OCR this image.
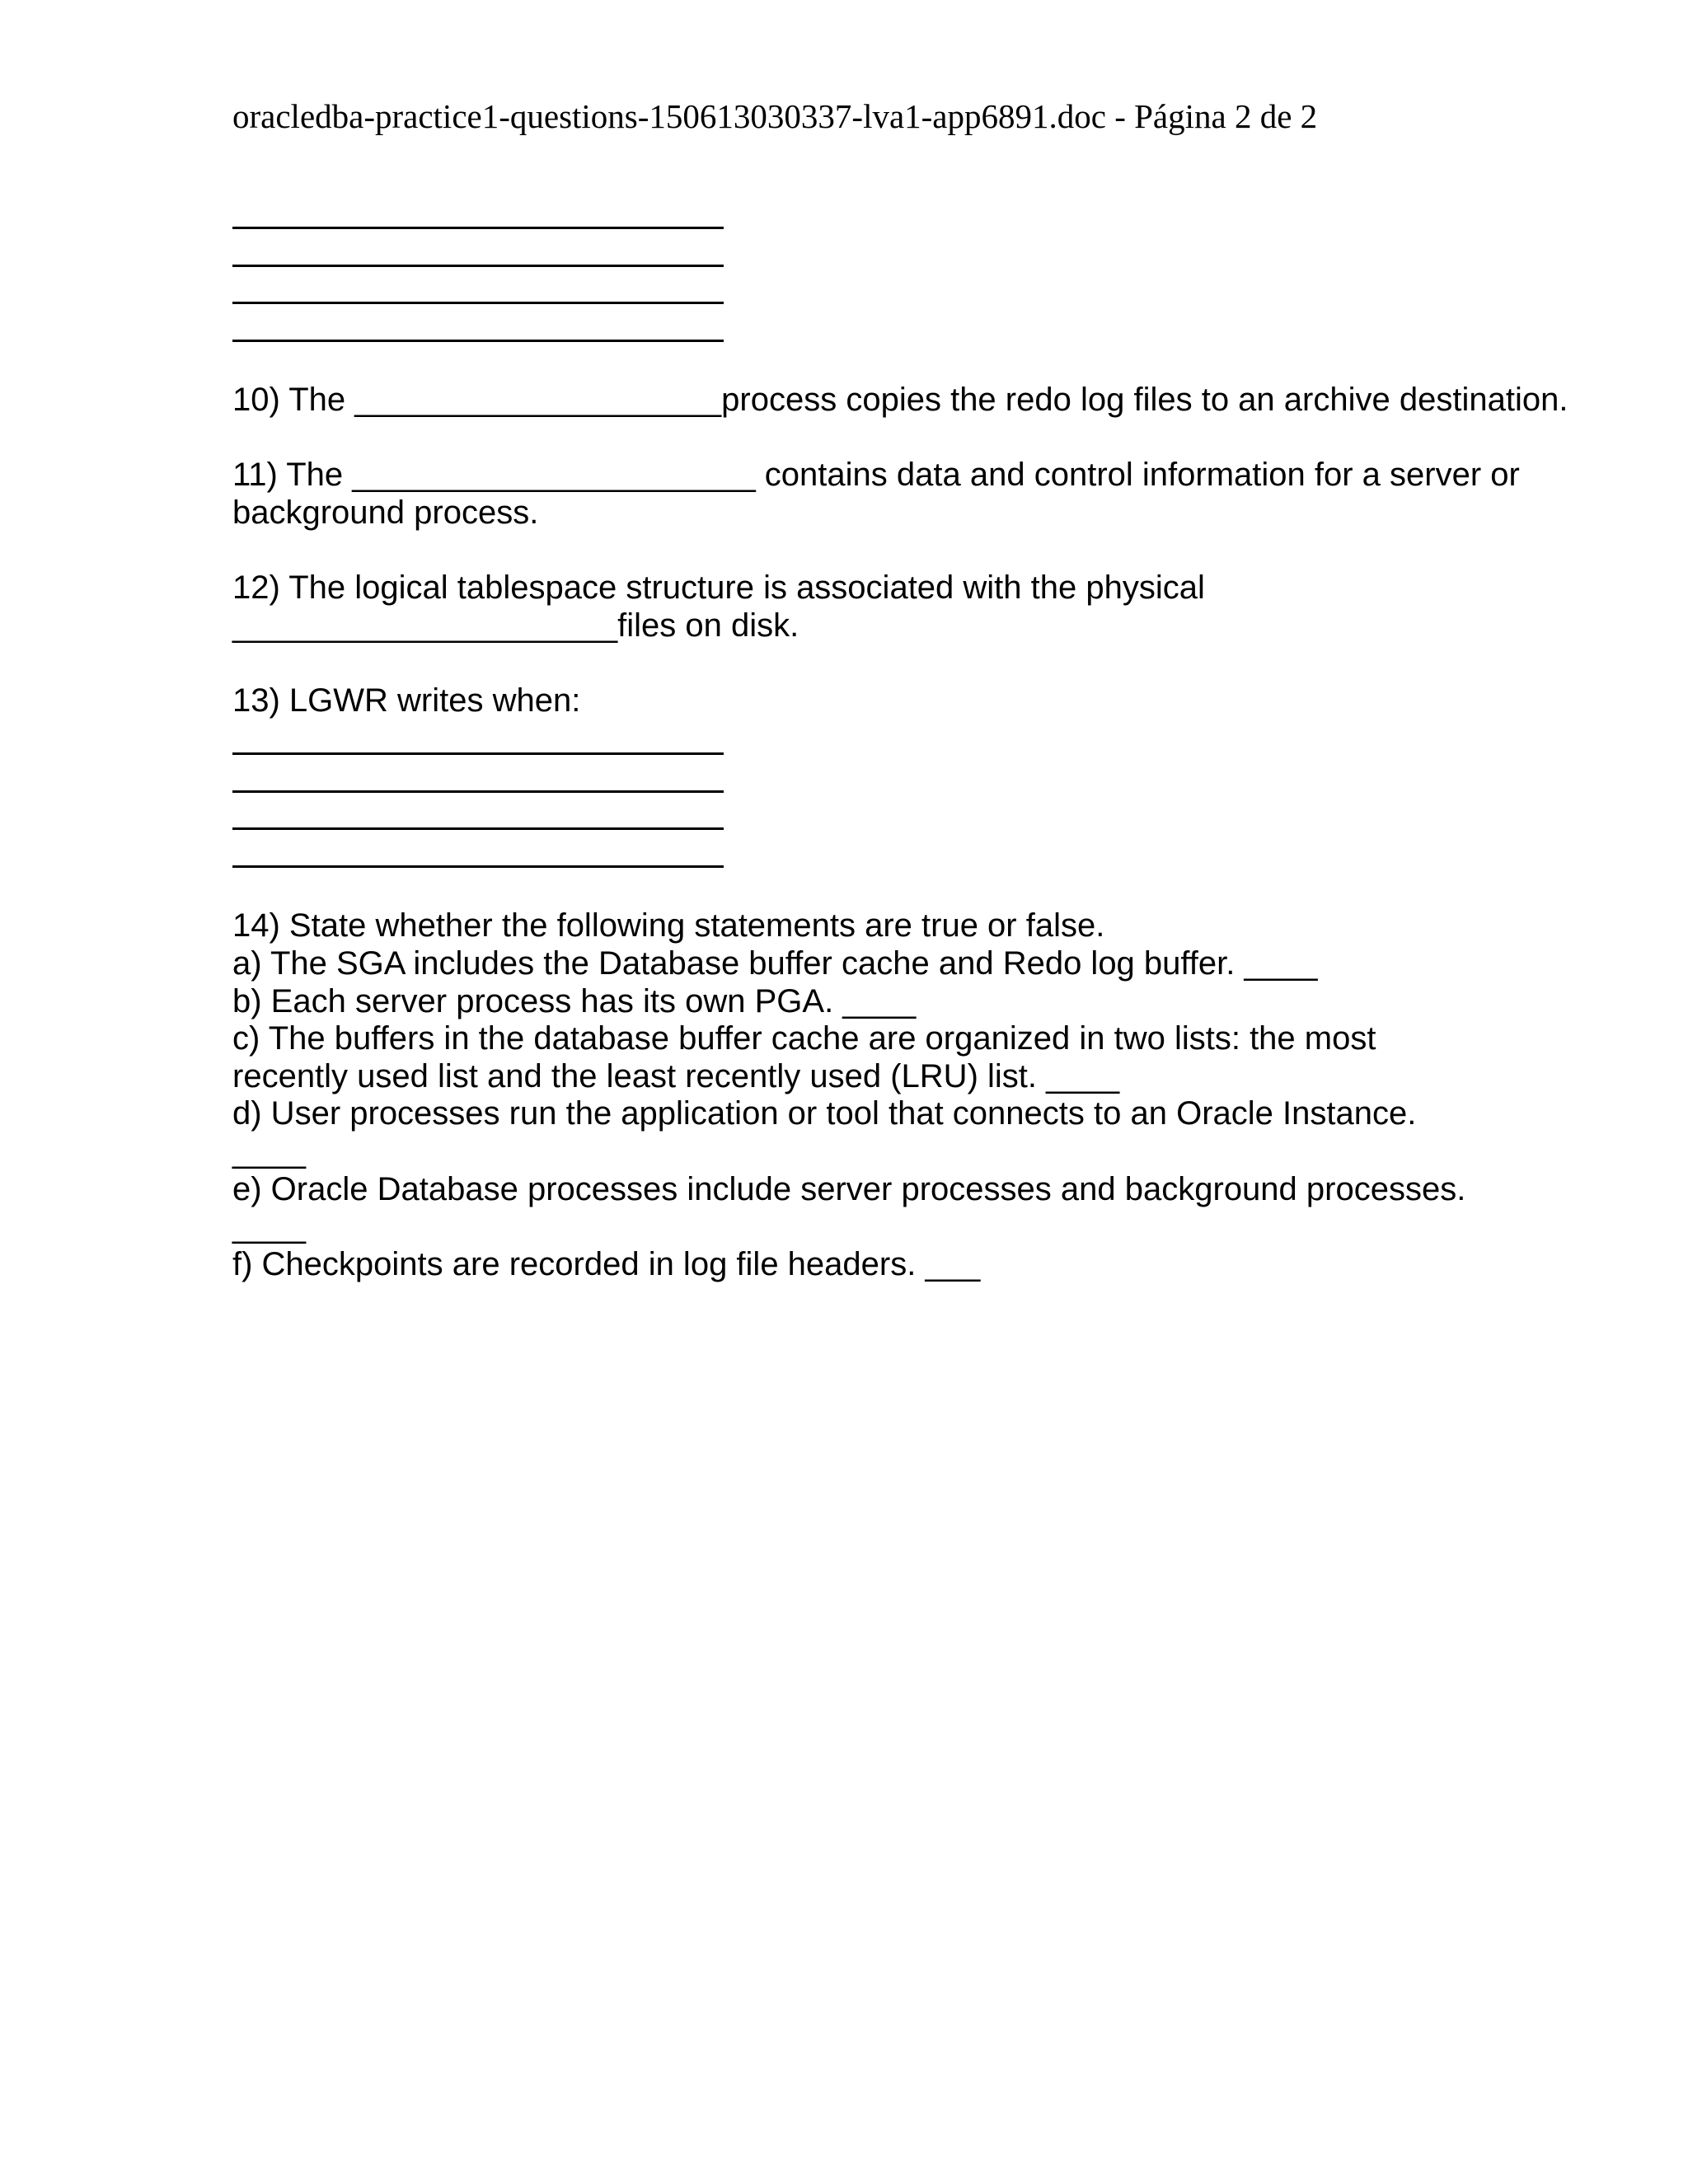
oracledba-practice1-questions-150613030337-lva1-app6891.doc - Página 2 de 2
10) The ____________________process copies the redo log files to an archive destination.
11) The ______________________ contains data and control information for a server or
background process.
12) The logical tablespace structure is associated with the physical
_____________________files on disk.
13) LGWR writes when:
14) State whether the following statements are true or false.
a) The SGA includes the Database buffer cache and Redo log buffer. ____
b) Each server process has its own PGA. ____
c) The buffers in the database buffer cache are organized in two lists: the most
recently used list and the least recently used (LRU) list. ____
d) User processes run the application or tool that connects to an Oracle Instance.
____
e) Oracle Database processes include server processes and background processes.
____
f) Checkpoints are recorded in log file headers. ___
